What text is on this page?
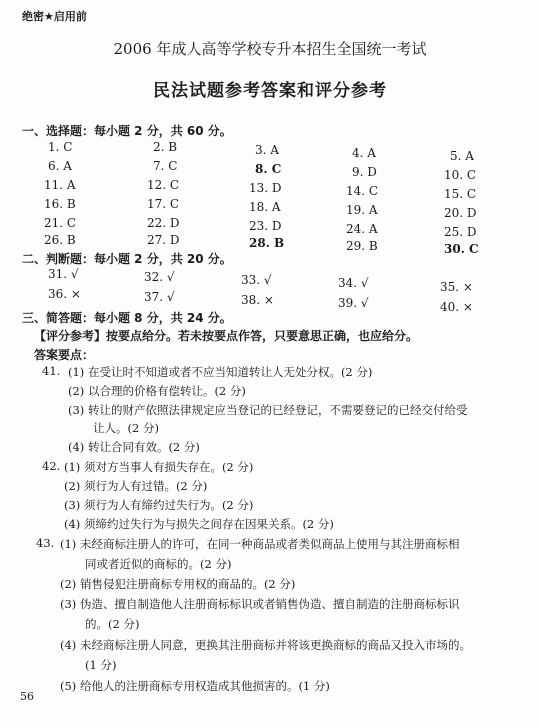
绝密★启用前
2006 年成人高等学校专升本招生全国统一考试
民法试题参考答案和评分参考
一、选择题：每小题 2 分，共 60 分。
1. C	2. B	3. A	4. A	5. A
6. A	7. C	8. C	9. D	10. C
11. A	12. C	13. D	14. C	15. C
16. B	17. C	18. A	19. A	20. D
21. C	22. D	23. D	24. A	25. D
26. B	27. D	28. B	29. B	30. C
二、判断题：每小题 2 分，共 20 分。
31. √	32. √	33. √	34. √	35. ×
36. ×	37. √	38. ×	39. √	40. ×
三、简答题：每小题 8 分，共 24 分。
【评分参考】按要点给分。若未按要点作答，只要意思正确，也应给分。
答案要点：
41. (1) 在受让时不知道或者不应当知道转让人无处分权。(2 分)
(2) 以合理的价格有偿转让。(2 分)
(3) 转让的财产依照法律规定应当登记的已经登记，不需要登记的已经交付给受
让人。(2 分)
(4) 转让合同有效。(2 分)
42. (1) 须对方当事人有损失存在。(2 分)
(2) 须行为人有过错。(2 分)
(3) 须行为人有缔约过失行为。(2 分)
(4) 须缔约过失行为与损失之间存在因果关系。(2 分)
43. (1) 未经商标注册人的许可，在同一种商品或者类似商品上使用与其注册商标相
同或者近似的商标的。(2 分)
(2) 销售侵犯注册商标专用权的商品的。(2 分)
(3) 伪造、擅自制造他人注册商标标识或者销售伪造、擅自制造的注册商标标识
的。(2 分)
(4) 未经商标注册人同意，更换其注册商标并将该更换商标的商品又投入市场的。
(1 分)
(5) 给他人的注册商标专用权造成其他损害的。(1 分)
56
